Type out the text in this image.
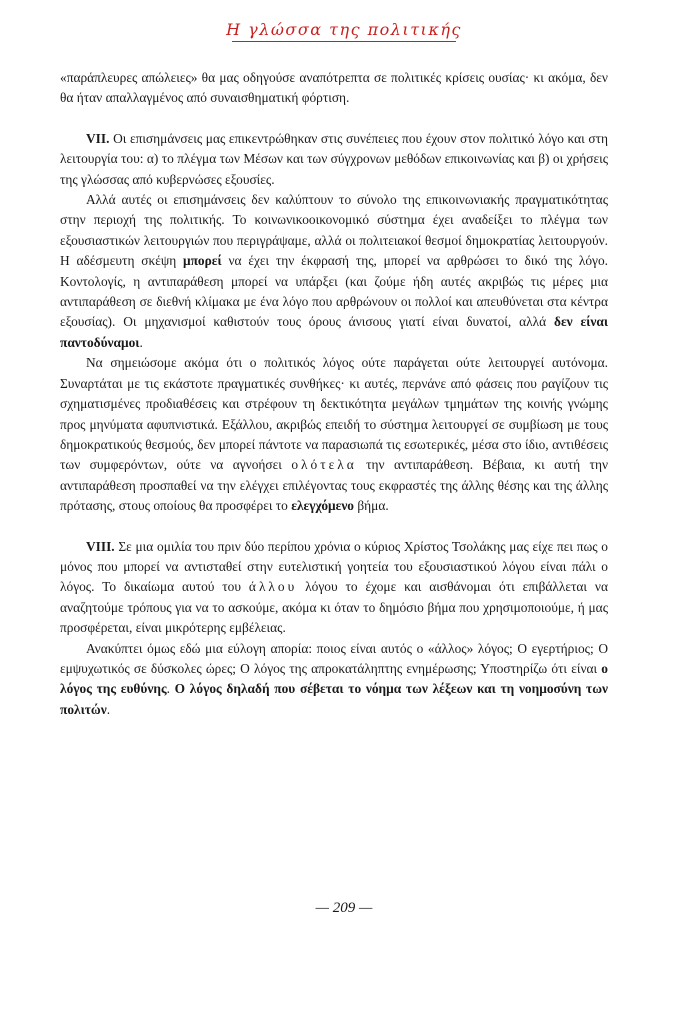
Η γλώσσα της πολιτικής

«παράπλευρες απώλειες» θα μας οδηγούσε αναπότρεπτα σε πολιτικές κρίσεις ουσίας· κι ακόμα, δεν θα ήταν απαλλαγμένος από συναισθηματική φόρτιση.

VII. Οι επισημάνσεις μας επικεντρώθηκαν στις συνέπειες που έχουν στον πολιτικό λόγο και στη λειτουργία του: α) το πλέγμα των Μέσων και των σύγχρονων μεθόδων επικοινωνίας και β) οι χρήσεις της γλώσσας από κυβερνώσες εξουσίες.

Αλλά αυτές οι επισημάνσεις δεν καλύπτουν το σύνολο της επικοινωνιακής πραγματικότητας στην περιοχή της πολιτικής. Το κοινωνικοοικονομικό σύστημα έχει αναδείξει το πλέγμα των εξουσιαστικών λειτουργιών που περιγράψαμε, αλλά οι πολιτειακοί θεσμοί δημοκρατίας λειτουργούν. Η αδέσμευτη σκέψη μπορεί να έχει την έκφρασή της, μπορεί να αρθρώσει το δικό της λόγο. Κοντολογίς, η αντιπαράθεση μπορεί να υπάρξει (και ζούμε ήδη αυτές ακριβώς τις μέρες μια αντιπαράθεση σε διεθνή κλίμακα με ένα λόγο που αρθρώνουν οι πολλοί και απευθύνεται στα κέντρα εξουσίας). Οι μηχανισμοί καθιστούν τους όρους άνισους γιατί είναι δυνατοί, αλλά δεν είναι παντοδύναμοι.

Να σημειώσομε ακόμα ότι ο πολιτικός λόγος ούτε παράγεται ούτε λειτουργεί αυτόνομα. Συναρτάται με τις εκάστοτε πραγματικές συνθήκες· κι αυτές, περνάνε από φάσεις που ραγίζουν τις σχηματισμένες προδιαθέσεις και στρέφουν τη δεκτικότητα μεγάλων τμημάτων της κοινής γνώμης προς μηνύματα αφυπνιστικά. Εξάλλου, ακριβώς επειδή το σύστημα λειτουργεί σε συμβίωση με τους δημοκρατικούς θεσμούς, δεν μπορεί πάντοτε να παρασιωπά τις εσωτερικές, μέσα στο ίδιο, αντιθέσεις των συμφερόντων, ούτε να αγνοήσει ολότελα την αντιπαράθεση. Βέβαια, κι αυτή την αντιπαράθεση προσπαθεί να την ελέγχει επιλέγοντας τους εκφραστές της άλλης θέσης και της άλλης πρότασης, στους οποίους θα προσφέρει το ελεγχόμενο βήμα.

VIII. Σε μια ομιλία του πριν δύο περίπου χρόνια ο κύριος Χρίστος Τσολάκης μας είχε πει πως ο μόνος που μπορεί να αντισταθεί στην ευτελιστική γοητεία του εξουσιαστικού λόγου είναι πάλι ο λόγος. Το δικαίωμα αυτού του άλλου λόγου το έχομε και αισθάνομαι ότι επιβάλλεται να αναζητούμε τρόπους για να το ασκούμε, ακόμα κι όταν το δημόσιο βήμα που χρησιμοποιούμε, ή μας προσφέρεται, είναι μικρότερης εμβέλειας.

Ανακύπτει όμως εδώ μια εύλογη απορία: ποιος είναι αυτός ο «άλλος» λόγος; Ο εγερτήριος; Ο εμψυχωτικός σε δύσκολες ώρες; Ο λόγος της απροκατάληπτης ενημέρωσης; Υποστηρίζω ότι είναι ο λόγος της ευθύνης. Ο λόγος δηλαδή που σέβεται το νόημα των λέξεων και τη νοημοσύνη των πολιτών.

— 209 —
